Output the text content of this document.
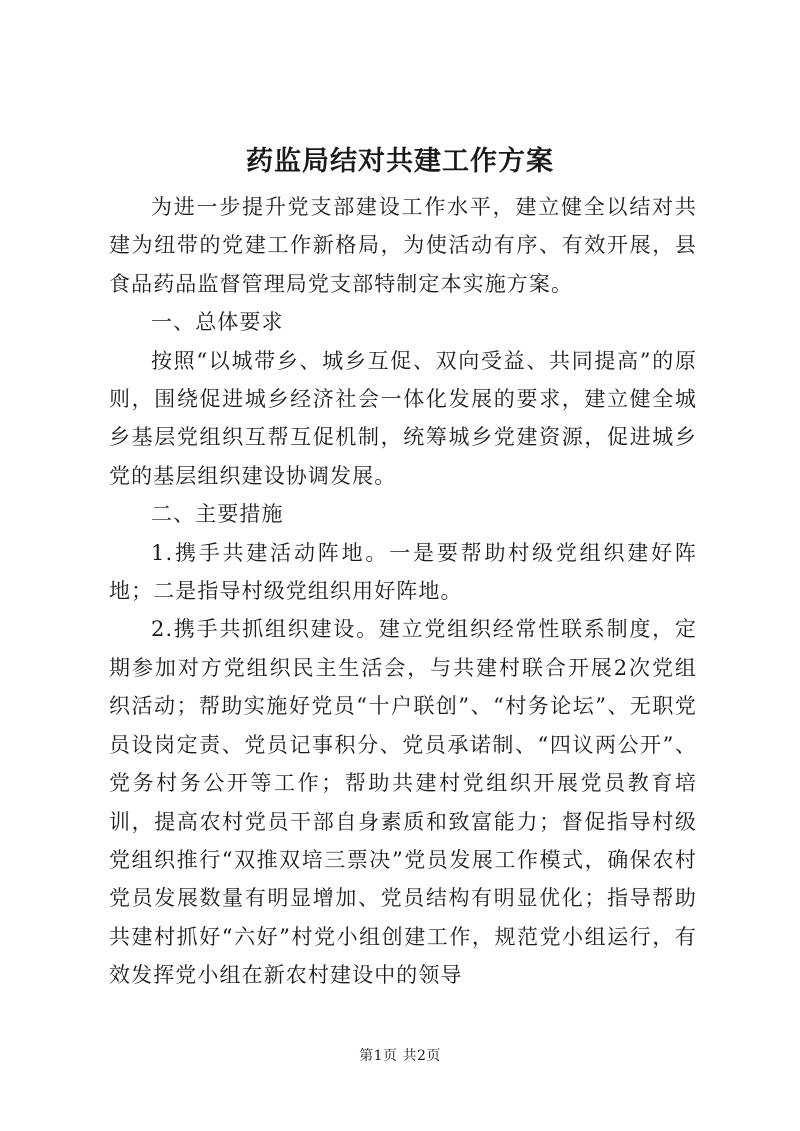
药监局结对共建工作方案

为进一步提升党支部建设工作水平，建立健全以结对共建为纽带的党建工作新格局，为使活动有序、有效开展，县食品药品监督管理局党支部特制定本实施方案。

一、总体要求

按照“以城带乡、城乡互促、双向受益、共同提高”的原则，围绕促进城乡经济社会一体化发展的要求，建立健全城乡基层党组织互帮互促机制，统筹城乡党建资源，促进城乡党的基层组织建设协调发展。

二、主要措施

1.携手共建活动阵地。一是要帮助村级党组织建好阵地；二是指导村级党组织用好阵地。

2.携手共抓组织建设。建立党组织经常性联系制度，定期参加对方党组织民主生活会，与共建村联合开展2次党组织活动；帮助实施好党员“十户联创”、“村务论坛”、无职党员设岗定责、党员记事积分、党员承诺制、“四议两公开”、党务村务公开等工作；帮助共建村党组织开展党员教育培训，提高农村党员干部自身素质和致富能力；督促指导村级党组织推行“双推双培三票决”党员发展工作模式，确保农村党员发展数量有明显增加、党员结构有明显优化；指导帮助共建村抓好“六好”村党小组创建工作，规范党小组运行，有效发挥党小组在新农村建设中的领导

第1页 共2页
